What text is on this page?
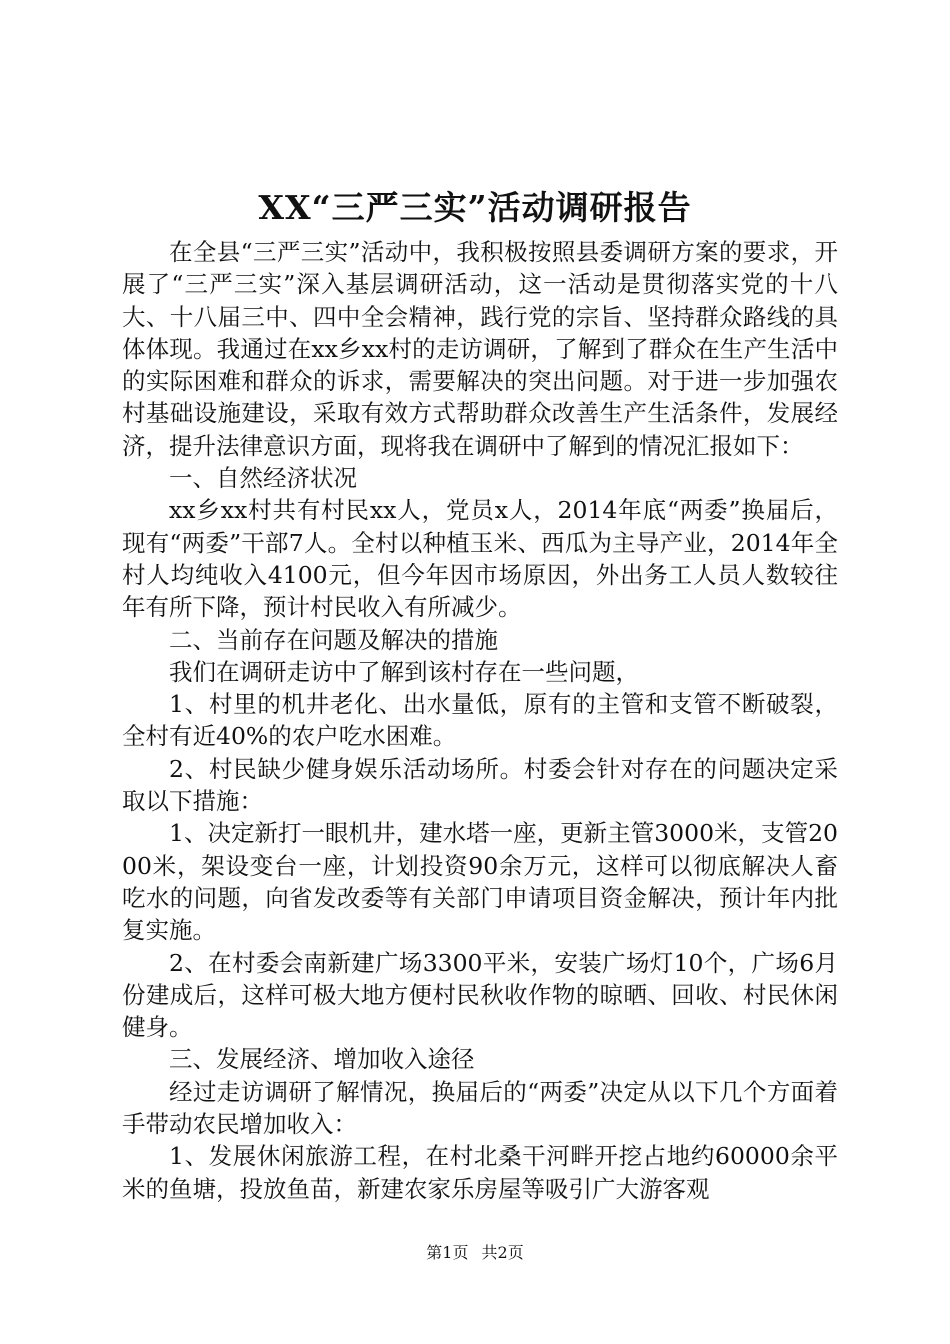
XX“三严三实”活动调研报告

在全县“三严三实”活动中，我积极按照县委调研方案的要求，开展了“三严三实”深入基层调研活动，这一活动是贯彻落实党的十八大、十八届三中、四中全会精神，践行党的宗旨、坚持群众路线的具体体现。我通过在xx乡xx村的走访调研，了解到了群众在生产生活中的实际困难和群众的诉求，需要解决的突出问题。对于进一步加强农村基础设施建设，采取有效方式帮助群众改善生产生活条件，发展经济，提升法律意识方面，现将我在调研中了解到的情况汇报如下：

一、自然经济状况

xx乡xx村共有村民xx人，党员x人，2014年底“两委”换届后，现有“两委”干部7人。全村以种植玉米、西瓜为主导产业，2014年全村人均纯收入4100元，但今年因市场原因，外出务工人员人数较往年有所下降，预计村民收入有所减少。

二、当前存在问题及解决的措施

我们在调研走访中了解到该村存在一些问题，

1、村里的机井老化、出水量低，原有的主管和支管不断破裂，全村有近40%的农户吃水困难。

2、村民缺少健身娱乐活动场所。村委会针对存在的问题决定采取以下措施：

1、决定新打一眼机井，建水塔一座，更新主管3000米，支管2000米，架设变台一座，计划投资90余万元，这样可以彻底解决人畜吃水的问题，向省发改委等有关部门申请项目资金解决，预计年内批复实施。

2、在村委会南新建广场3300平米，安装广场灯10个，广场6月份建成后，这样可极大地方便村民秋收作物的晾晒、回收、村民休闲健身。

三、发展经济、增加收入途径

经过走访调研了解情况，换届后的“两委”决定从以下几个方面着手带动农民增加收入：

1、发展休闲旅游工程，在村北桑干河畔开挖占地约60000余平米的鱼塘，投放鱼苗，新建农家乐房屋等吸引广大游客观

第1页 共2页
